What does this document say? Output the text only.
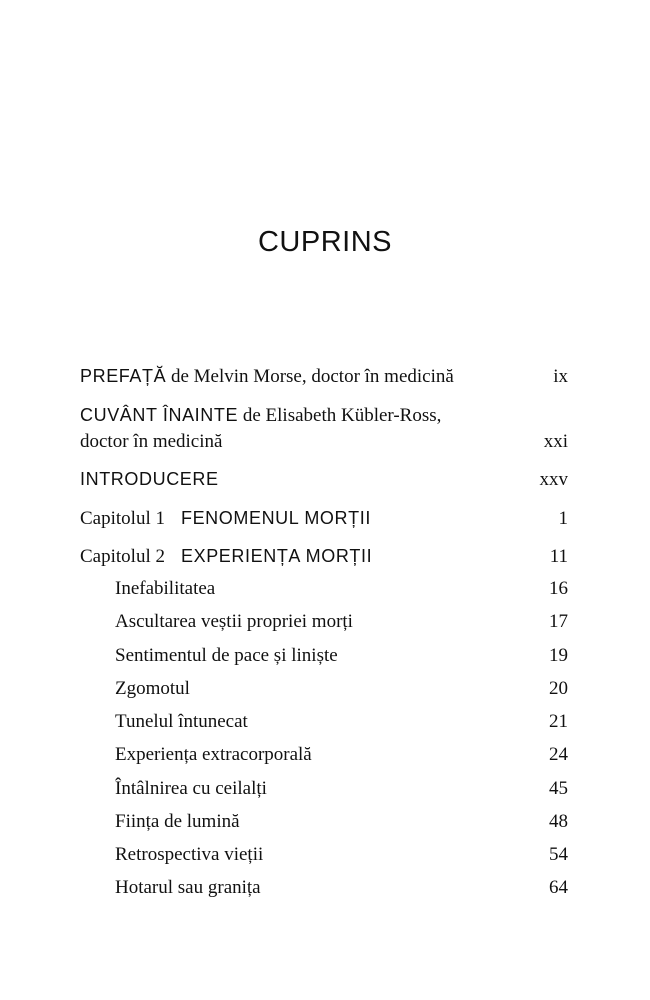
CUPRINS
PREFAȚĂ de Melvin Morse, doctor în medicină	ix
CUVÂNT ÎNAINTE de Elisabeth Kübler-Ross,
doctor în medicină	xxi
INTRODUCERE	xxv
Capitolul 1 FENOMENUL MORȚII	1
Capitolul 2 EXPERIENȚA MORȚII	11
Inefabilitatea	16
Ascultarea veștii propriei morți	17
Sentimentul de pace și liniște	19
Zgomotul	20
Tunelul întunecat	21
Experiența extracorporală	24
Întâlnirea cu ceilalți	45
Ființa de lumină	48
Retrospectiva vieții	54
Hotarul sau granița	64
